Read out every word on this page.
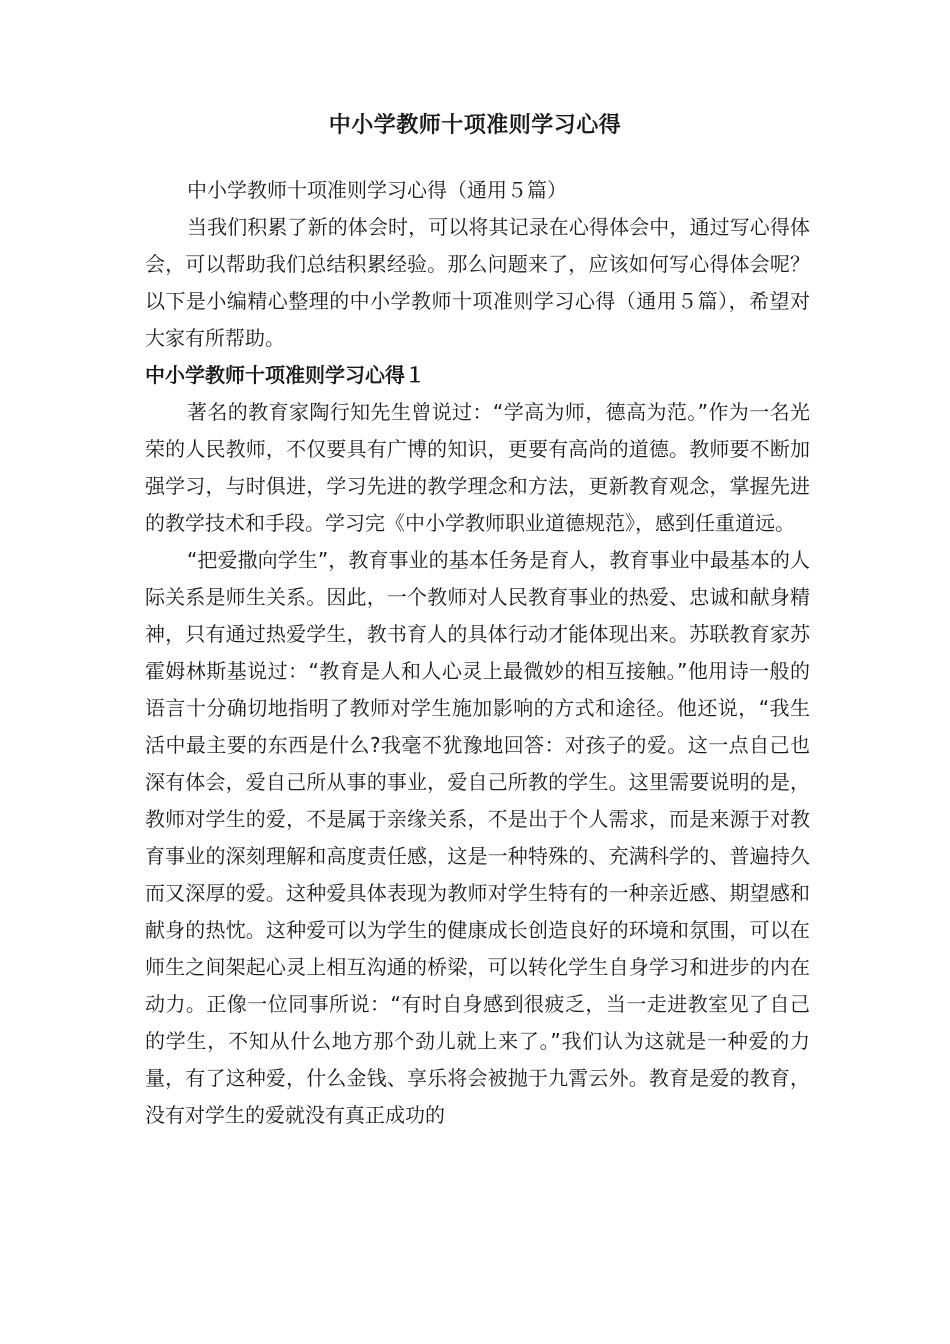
中小学教师十项准则学习心得

中小学教师十项准则学习心得（通用５篇）

当我们积累了新的体会时，可以将其记录在心得体会中，通过写心得体会，可以帮助我们总结积累经验。那么问题来了，应该如何写心得体会呢？以下是小编精心整理的中小学教师十项准则学习心得（通用５篇），希望对大家有所帮助。

中小学教师十项准则学习心得１

著名的教育家陶行知先生曾说过：“学高为师，德高为范。”作为一名光荣的人民教师，不仅要具有广博的知识，更要有高尚的道德。教师要不断加强学习，与时俱进，学习先进的教学理念和方法，更新教育观念，掌握先进的教学技术和手段。学习完《中小学教师职业道德规范》，感到任重道远。

“把爱撒向学生”，教育事业的基本任务是育人，教育事业中最基本的人际关系是师生关系。因此，一个教师对人民教育事业的热爱、忠诚和献身精神，只有通过热爱学生，教书育人的具体行动才能体现出来。苏联教育家苏霍姆林斯基说过：“教育是人和人心灵上最微妙的相互接触。”他用诗一般的语言十分确切地指明了教师对学生施加影响的方式和途径。他还说，“我生活中最主要的东西是什么?我毫不犹豫地回答：对孩子的爱。这一点自己也深有体会，爱自己所从事的事业，爱自己所教的学生。这里需要说明的是，教师对学生的爱，不是属于亲缘关系，不是出于个人需求，而是来源于对教育事业的深刻理解和高度责任感，这是一种特殊的、充满科学的、普遍持久而又深厚的爱。这种爱具体表现为教师对学生特有的一种亲近感、期望感和献身的热忱。这种爱可以为学生的健康成长创造良好的环境和氛围，可以在师生之间架起心灵上相互沟通的桥梁，可以转化学生自身学习和进步的内在动力。正像一位同事所说：“有时自身感到很疲乏，当一走进教室见了自己的学生，不知从什么地方那个劲儿就上来了。”我们认为这就是一种爱的力量，有了这种爱，什么金钱、享乐将会被抛于九霄云外。教育是爱的教育，没有对学生的爱就没有真正成功的
